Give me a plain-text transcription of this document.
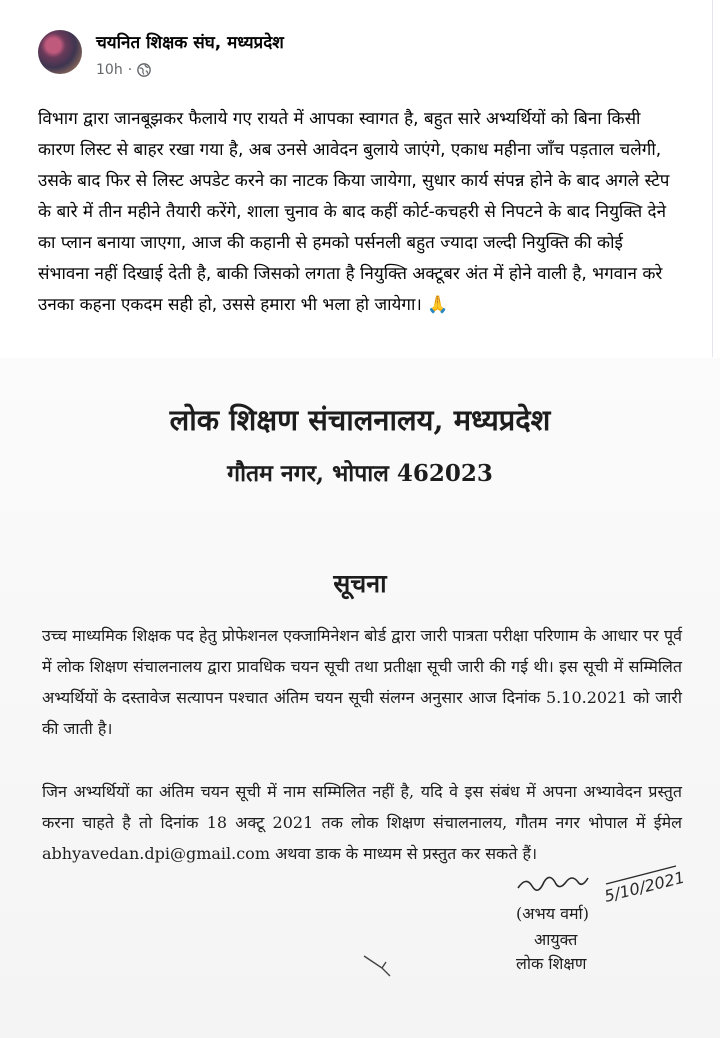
चयनित शिक्षक संघ, मध्यप्रदेश
10h ·
विभाग द्वारा जानबूझकर फैलाये गए रायते में आपका स्वागत है, बहुत सारे अभ्यर्थियों को बिना किसी कारण लिस्ट से बाहर रखा गया है, अब उनसे आवेदन बुलाये जाएंगे, एकाध महीना जाँच पड़ताल चलेगी, उसके बाद फिर से लिस्ट अपडेट करने का नाटक किया जायेगा, सुधार कार्य संपन्न होने के बाद अगले स्टेप के बारे में तीन महीने तैयारी करेंगे, शाला चुनाव के बाद कहीं कोर्ट-कचहरी से निपटने के बाद नियुक्ति देने का प्लान बनाया जाएगा, आज की कहानी से हमको पर्सनली बहुत ज्यादा जल्दी नियुक्ति की कोई संभावना नहीं दिखाई देती है, बाकी जिसको लगता है नियुक्ति अक्टूबर अंत में होने वाली है, भगवान करे उनका कहना एकदम सही हो, उससे हमारा भी भला हो जायेगा। 🙏
लोक शिक्षण संचालनालय, मध्यप्रदेश
गौतम नगर, भोपाल 462023
सूचना
उच्च माध्यमिक शिक्षक पद हेतु प्रोफेशनल एक्जामिनेशन बोर्ड द्वारा जारी पात्रता परीक्षा परिणाम के आधार पर पूर्व में लोक शिक्षण संचालनालय द्वारा प्रावधिक चयन सूची तथा प्रतीक्षा सूची जारी की गई थी। इस सूची में सम्मिलित अभ्यर्थियों के दस्तावेज सत्यापन पश्चात अंतिम चयन सूची संलग्न अनुसार आज दिनांक 5.10.2021 को जारी की जाती है।
जिन अभ्यर्थियों का अंतिम चयन सूची में नाम सम्मिलित नहीं है, यदि वे इस संबंध में अपना अभ्यावेदन प्रस्तुत करना चाहते है तो दिनांक 18 अक्टू 2021 तक लोक शिक्षण संचालनालय, गौतम नगर भोपाल में ईमेल abhyavedan.dpi@gmail.com अथवा डाक के माध्यम से प्रस्तुत कर सकते हैं।
5/10/2021
(अभय वर्मा)
आयुक्त
लोक शिक्षण
